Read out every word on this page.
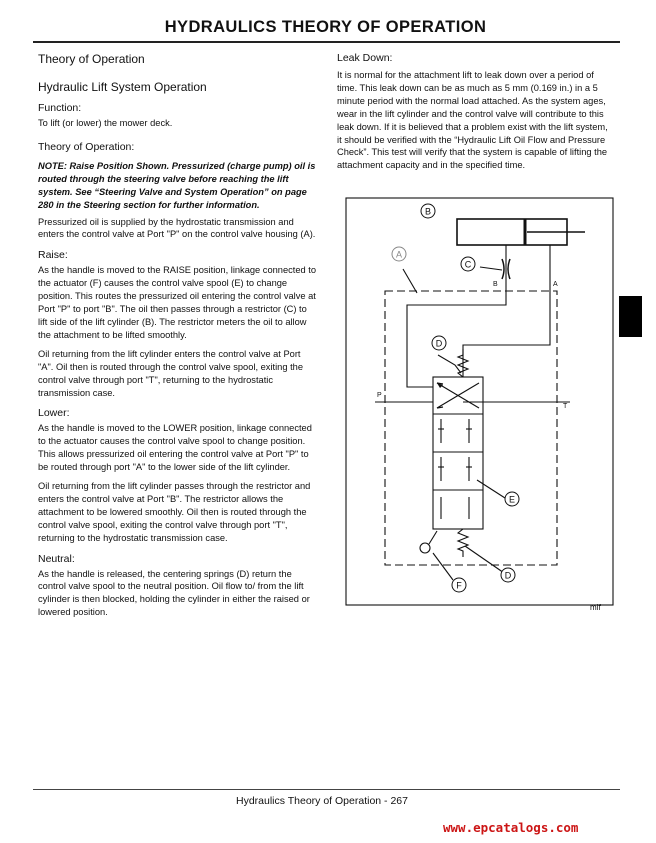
HYDRAULICS THEORY OF OPERATION
Theory of Operation
Hydraulic Lift System Operation
Function:

To lift (or lower) the mower deck.

Theory of Operation:

NOTE: Raise Position Shown. Pressurized (charge pump) oil is routed through the steering valve before reaching the lift system. See “Steering Valve and System Operation” on page 280 in the Steering section for further information.

Pressurized oil is supplied by the hydrostatic transmission and enters the control valve at Port "P" on the control valve housing (A).

Raise:

As the handle is moved to the RAISE position, linkage connected to the actuator (F) causes the control valve spool (E) to change position. This routes the pressurized oil entering the control valve at Port "P" to port "B". The oil then passes through a restrictor (C) to lift side of the lift cylinder (B). The restrictor meters the oil to allow the attachment to be lifted smoothly.

Oil returning from the lift cylinder enters the control valve at Port "A". Oil then is routed through the control valve spool, exiting the control valve through port "T", returning to the hydrostatic transmission case.

Lower:

As the handle is moved to the LOWER position, linkage connected to the actuator causes the control valve spool to change position. This allows pressurized oil entering the control valve at Port "P" to be routed through port "A" to the lower side of the lift cylinder.

Oil returning from the lift cylinder passes through the restrictor and enters the control valve at Port "B". The restrictor allows the attachment to be lowered smoothly. Oil then is routed through the control valve spool, exiting the control valve through port "T", returning to the hydrostatic transmission case.

Neutral:

As the handle is released, the centering springs (D) return the control valve spool to the neutral position. Oil flow to/ from the lift cylinder is then blocked, holding the cylinder in either the raised or lowered position.

Leak Down:

It is normal for the attachment lift to leak down over a period of time. This leak down can be as much as 5 mm (0.169 in.) in a 5 minute period with the normal load attached. As the system ages, wear in the lift cylinder and the control valve will contribute to this leak down. If it is believed that a problem exist with the lift system, it should be verified with the “Hydraulic Lift Oil Flow and Pressure Check”. This test will verify that the system is capable of lifting the attachment capacity and in the specified time.

B
A
C
D
E
D
F
B	A
P
T
mif
Hydraulics Theory of Operation - 267
www.epcatalogs.com
